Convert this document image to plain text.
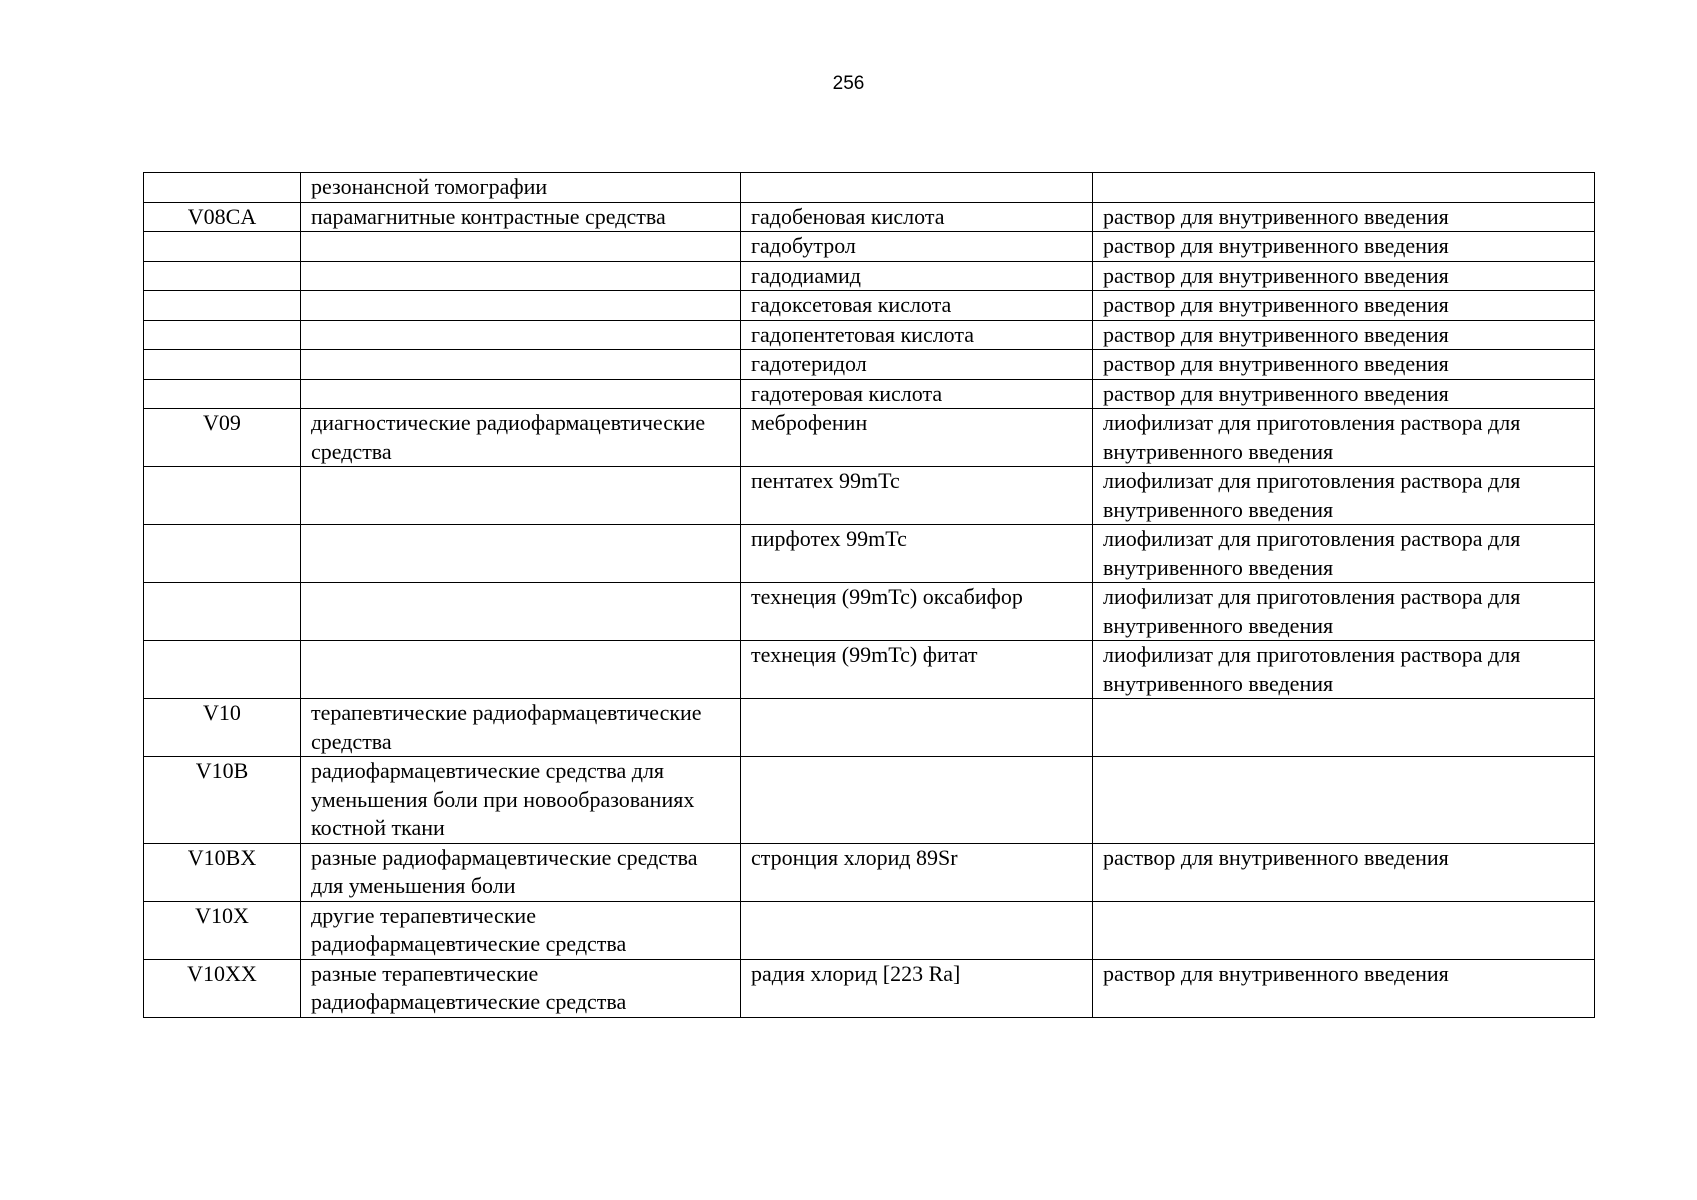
256
	резонансной томографии		
V08CA	парамагнитные контрастные средства	гадобеновая кислота	раствор для внутривенного введения
		гадобутрол	раствор для внутривенного введения
		гадодиамид	раствор для внутривенного введения
		гадоксетовая кислота	раствор для внутривенного введения
		гадопентетовая кислота	раствор для внутривенного введения
		гадотеридол	раствор для внутривенного введения
		гадотеровая кислота	раствор для внутривенного введения
V09	диагностические радиофармацевтические средства	меброфенин	лиофилизат для приготовления раствора для внутривенного введения
		пентатех 99mTc	лиофилизат для приготовления раствора для внутривенного введения
		пирфотех 99mTc	лиофилизат для приготовления раствора для внутривенного введения
		технеция (99mTc) оксабифор	лиофилизат для приготовления раствора для внутривенного введения
		технеция (99mTc) фитат	лиофилизат для приготовления раствора для внутривенного введения
V10	терапевтические радиофармацевтические средства		
V10B	радиофармацевтические средства для уменьшения боли при новообразованиях костной ткани		
V10BX	разные радиофармацевтические средства для уменьшения боли	стронция хлорид 89Sr	раствор для внутривенного введения
V10X	другие терапевтические радиофармацевтические средства		
V10XX	разные терапевтические радиофармацевтические средства	радия хлорид [223 Ra]	раствор для внутривенного введения
